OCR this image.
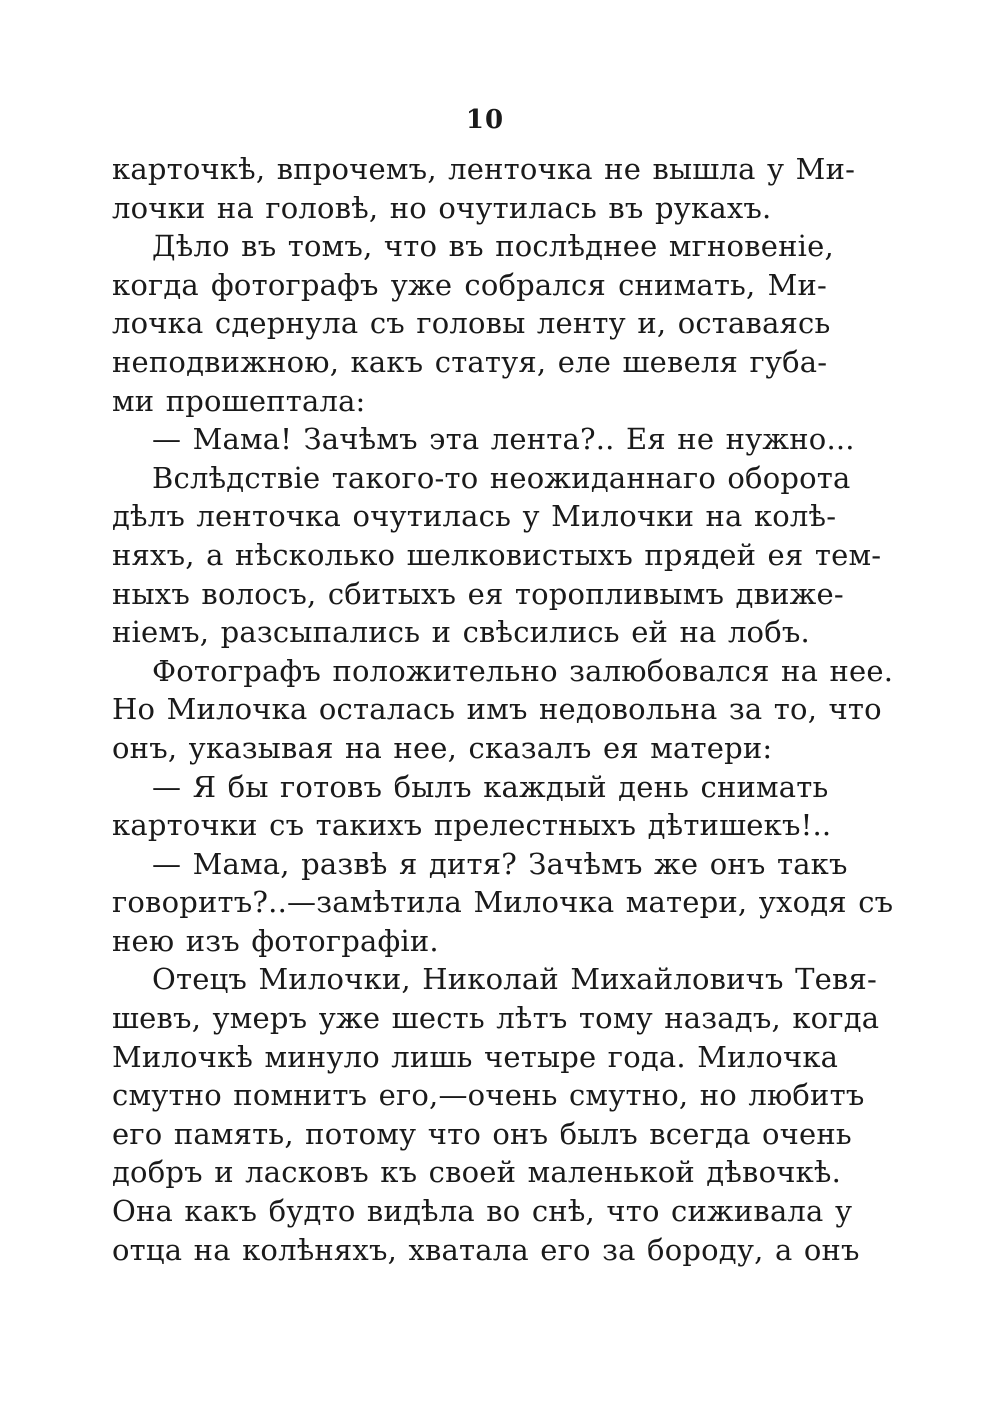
10
карточкѣ, впрочемъ, ленточка не вышла у Ми-
лочки на головѣ, но очутилась въ рукахъ.
Дѣло въ томъ, что въ послѣднее мгновеніе,
когда фотографъ уже собрался снимать, Ми-
лочка сдернула съ головы ленту и, оставаясь
неподвижною, какъ статуя, еле шевеля губа-
ми прошептала:
— Мама! Зачѣмъ эта лента?.. Ея не нужно...
Вслѣдствіе такого-то неожиданнаго оборота
дѣлъ ленточка очутилась у Милочки на колѣ-
няхъ, а нѣсколько шелковистыхъ прядей ея тем-
ныхъ волосъ, сбитыхъ ея торопливымъ движе-
ніемъ, разсыпались и свѣсились ей на лобъ.
Фотографъ положительно залюбовался на нее.
Но Милочка осталась имъ недовольна за то, что
онъ, указывая на нее, сказалъ ея матери:
— Я бы готовъ былъ каждый день снимать
карточки съ такихъ прелестныхъ дѣтишекъ!..
— Мама, развѣ я дитя? Зачѣмъ же онъ такъ
говоритъ?..—замѣтила Милочка матери, уходя съ
нею изъ фотографіи.
Отецъ Милочки, Николай Михайловичъ Тевя-
шевъ, умеръ уже шесть лѣтъ тому назадъ, когда
Милочкѣ минуло лишь четыре года. Милочка
смутно помнитъ его,—очень смутно, но любитъ
его память, потому что онъ былъ всегда очень
добръ и ласковъ къ своей маленькой дѣвочкѣ.
Она какъ будто видѣла во снѣ, что сиживала у
отца на колѣняхъ, хватала его за бороду, а онъ
